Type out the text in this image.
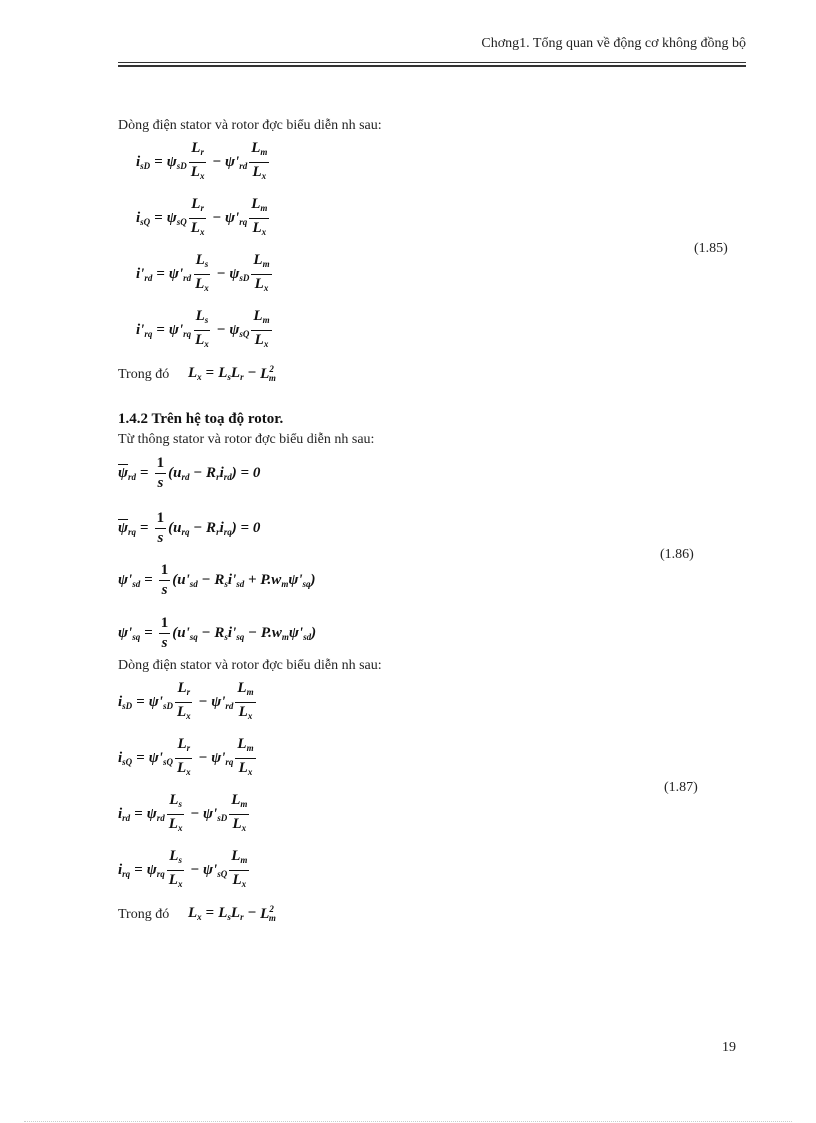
Chơng1. Tổng quan về động cơ không đồng bộ
Dòng điện stator và rotor đợc biểu diễn nh sau:
$i_{sD} = \psi_{sD} \frac{L_r}{L_x} - \psi'_{rd} \frac{L_m}{L_x}$
$i_{sQ} = \psi_{sQ} \frac{L_r}{L_x} - \psi'_{rq} \frac{L_m}{L_x}$
$i'_{rd} = \psi'_{rd} \frac{L_s}{L_x} - \psi_{sD} \frac{L_m}{L_x}$
$i'_{rq} = \psi'_{rq} \frac{L_s}{L_x} - \psi_{sQ} \frac{L_m}{L_x}$
(1.85)
Trong đó $L_x = L_sL_r - L^2_m$
1.4.2 Trên hệ toạ độ rotor.
Từ thông stator và rotor đợc biểu diễn nh sau:
$\overline{\psi}_{rd} = \frac{1}{s} (u_{rd} - R_ri_{rd}) = 0$
$\overline{\psi}_{rq} = \frac{1}{s} (u_{rq} - R_ri_{rq}) = 0$
$\psi'_{sd} = \frac{1}{s} (u'_{sd} - R_si'_{sd} + P.w_m\psi'_{sq})$
$\psi'_{sq} = \frac{1}{s} (u'_{sq} - R_si'_{sq} - P.w_m\psi'_{sd})$
(1.86)
Dòng điện stator và rotor đợc biểu diễn nh sau:
$i_{sD} = \psi'_{sD} \frac{L_r}{L_x} - \psi'_{rd} \frac{L_m}{L_x}$
$i_{sQ} = \psi'_{sQ} \frac{L_r}{L_x} - \psi'_{rq} \frac{L_m}{L_x}$
$i_{rd} = \psi_{rd} \frac{L_s}{L_x} - \psi'_{sD} \frac{L_m}{L_x}$
$i_{rq} = \psi_{rq} \frac{L_s}{L_x} - \psi'_{sQ} \frac{L_m}{L_x}$
(1.87)
Trong đó $L_x = L_sL_r - L^2_m$
19
